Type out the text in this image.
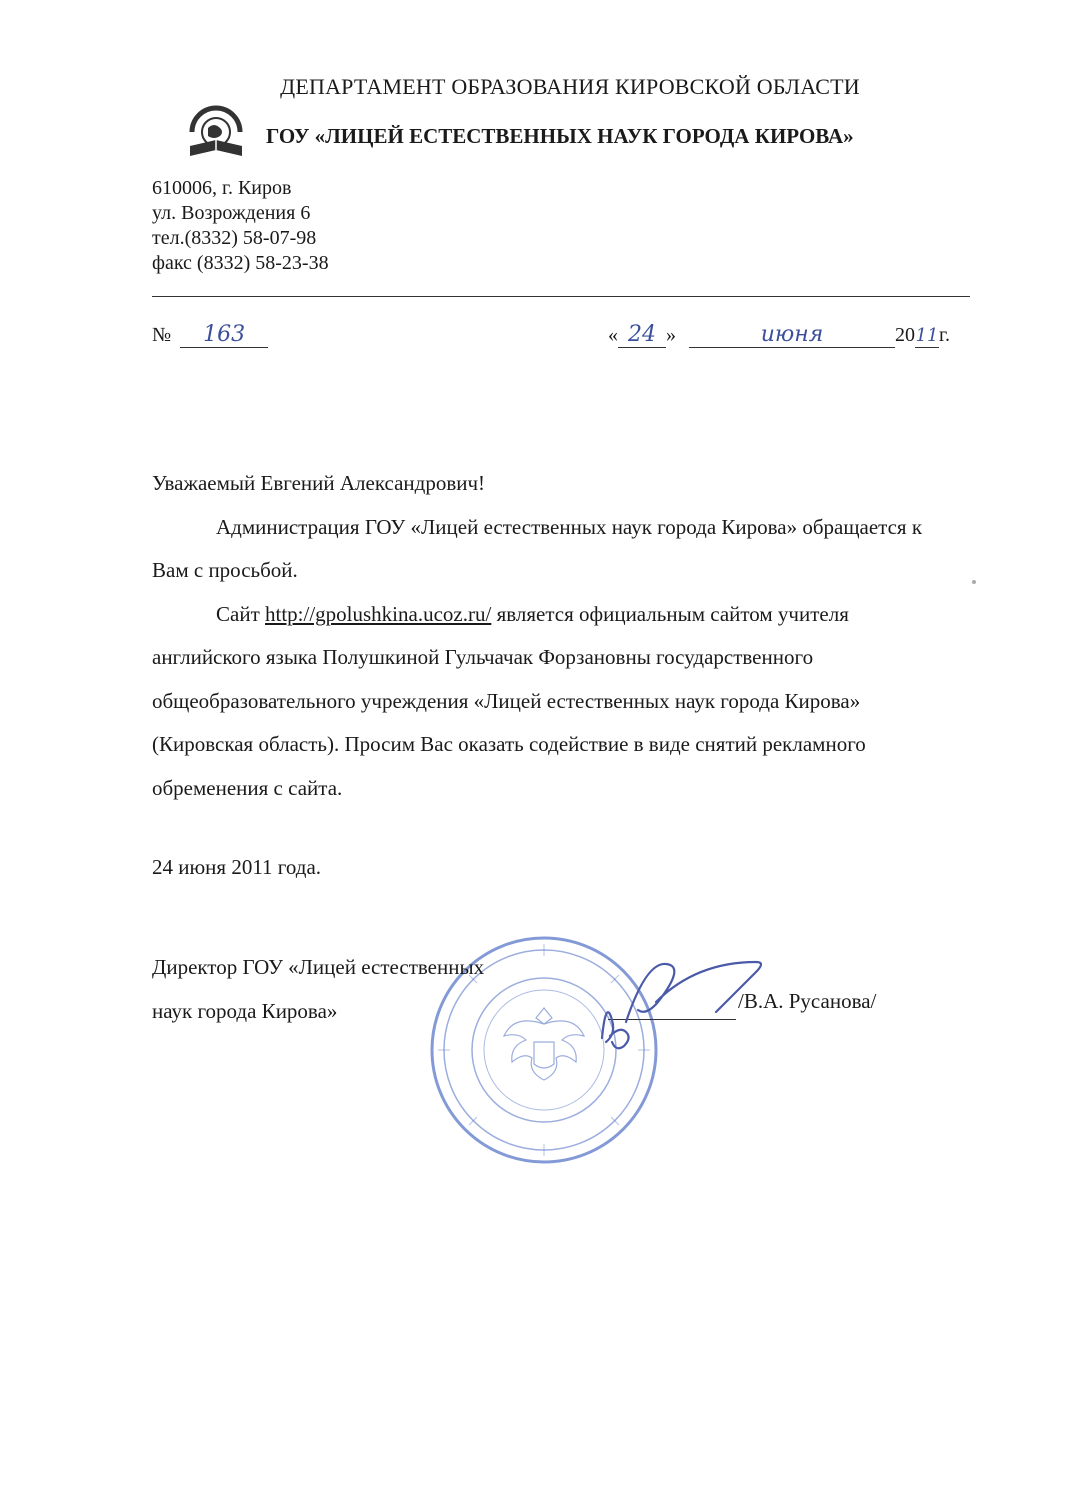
ДЕПАРТАМЕНТ ОБРАЗОВАНИЯ КИРОВСКОЙ ОБЛАСТИ
ГОУ «ЛИЦЕЙ ЕСТЕСТВЕННЫХ НАУК ГОРОДА КИРОВА»
610006, г. Киров
ул. Возрождения 6
тел.(8332) 58-07-98
факс (8332) 58-23-38
№ 163	« 24 »	июня	2011г.

Уважаемый Евгений Александрович!

Администрация ГОУ «Лицей естественных наук города Кирова» обращается к Вам с просьбой.

Сайт http://gpolushkina.ucoz.ru/ является официальным сайтом учителя английского языка Полушкиной Гульчачак Форзановны государственного общеобразовательного учреждения «Лицей естественных наук города Кирова» (Кировская область). Просим Вас оказать содействие в виде снятий рекламного обременения с сайта.

24 июня 2011 года.
Директор ГОУ «Лицей естественных
наук города Кирова»	/В.А. Русанова/
